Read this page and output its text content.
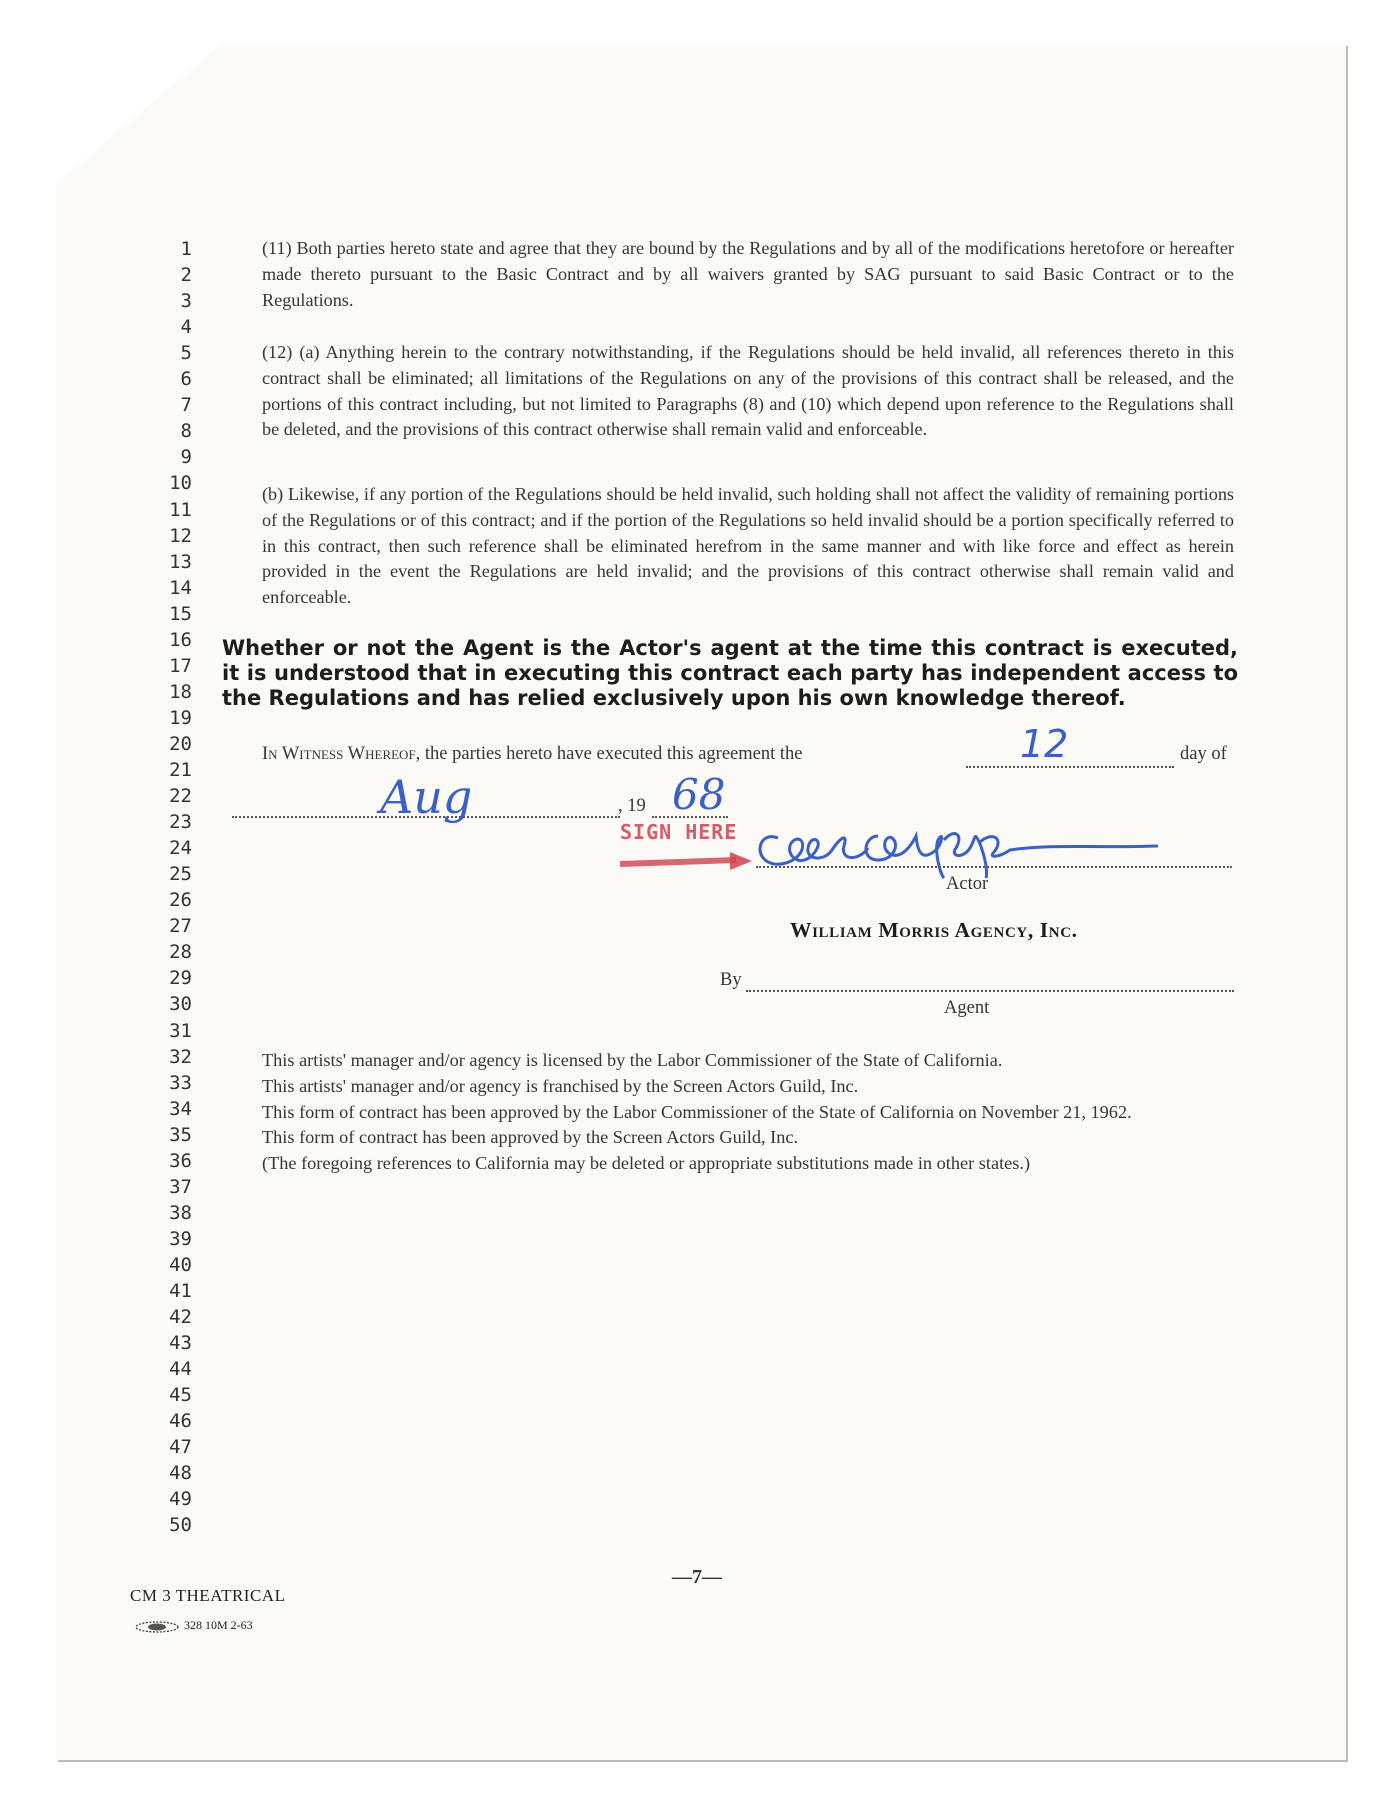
1
2
3
4
5
6
7
8
9
10
11
12
13
14
15
16
17
18
19
20
21
22
23
24
25
26
27
28
29
30
31
32
33
34
35
36
37
38
39
40
41
42
43
44
45
46
47
48
49
50
(11) Both parties hereto state and agree that they are bound by the Regulations and by all of the modifications heretofore or hereafter made thereto pursuant to the Basic Contract and by all waivers granted by SAG pursuant to said Basic Contract or to the Regulations.
(12) (a) Anything herein to the contrary notwithstanding, if the Regulations should be held invalid, all references thereto in this contract shall be eliminated; all limitations of the Regulations on any of the provisions of this contract shall be released, and the portions of this contract including, but not limited to Paragraphs (8) and (10) which depend upon reference to the Regulations shall be deleted, and the provisions of this contract otherwise shall remain valid and enforceable.
(b) Likewise, if any portion of the Regulations should be held invalid, such holding shall not affect the validity of remaining portions of the Regulations or of this contract; and if the portion of the Regulations so held invalid should be a portion specifically referred to in this contract, then such reference shall be eliminated herefrom in the same manner and with like force and effect as herein provided in the event the Regulations are held invalid; and the provisions of this contract otherwise shall remain valid and enforceable.
Whether or not the Agent is the Actor's agent at the time this contract is executed, it is understood that in executing this contract each party has independent access to the Regulations and has relied exclusively upon his own knowledge thereof.
In Witness Whereof, the parties hereto have executed this agreement the	day of
12
Aug	, 19 68
SIGN HERE
Actor
William Morris Agency, Inc.
By
Agent
This artists' manager and/or agency is licensed by the Labor Commissioner of the State of California.
This artists' manager and/or agency is franchised by the Screen Actors Guild, Inc.
This form of contract has been approved by the Labor Commissioner of the State of California on November 21, 1962.
This form of contract has been approved by the Screen Actors Guild, Inc.
(The foregoing references to California may be deleted or appropriate substitutions made in other states.)
—7—
CM 3 THEATRICAL
328 10M 2-63
